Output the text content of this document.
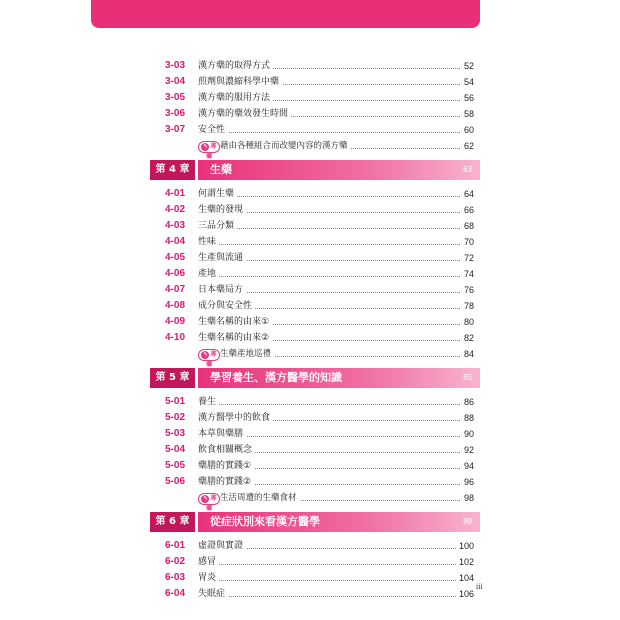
3-03 漢方藥的取得方式	52
3-04 煎劑與濃縮科學中藥	54
3-05 漢方藥的服用方法	56
3-06 漢方藥的藥效發生時間	58
3-07 安全性	60
✎ 專 欄
藉由各種組合而改變內容的漢方藥	62
第 4 章	生藥	63
4-01 何謂生藥	64
4-02 生藥的發現	66
4-03 三品分類	68
4-04 性味	70
4-05 生產與流通	72
4-06 產地	74
4-07 日本藥局方	76
4-08 成分與安全性	78
4-09 生藥名稱的由來①	80
4-10 生藥名稱的由來②	82
✎ 專 欄
生藥產地巡禮	84
第 5 章	學習養生、漢方醫學的知識	85
5-01 養生	86
5-02 漢方醫學中的飲食	88
5-03 本草與藥膳	90
5-04 飲食相關概念	92
5-05 藥膳的實踐①	94
5-06 藥膳的實踐②	96
✎ 專 欄
生活周遭的生藥食材	98
第 6 章	從症狀別來看漢方醫學	99
6-01 虛證與實證	100
6-02 感冒	102
6-03 胃炎	104
6-04 失眠症	106
iii
